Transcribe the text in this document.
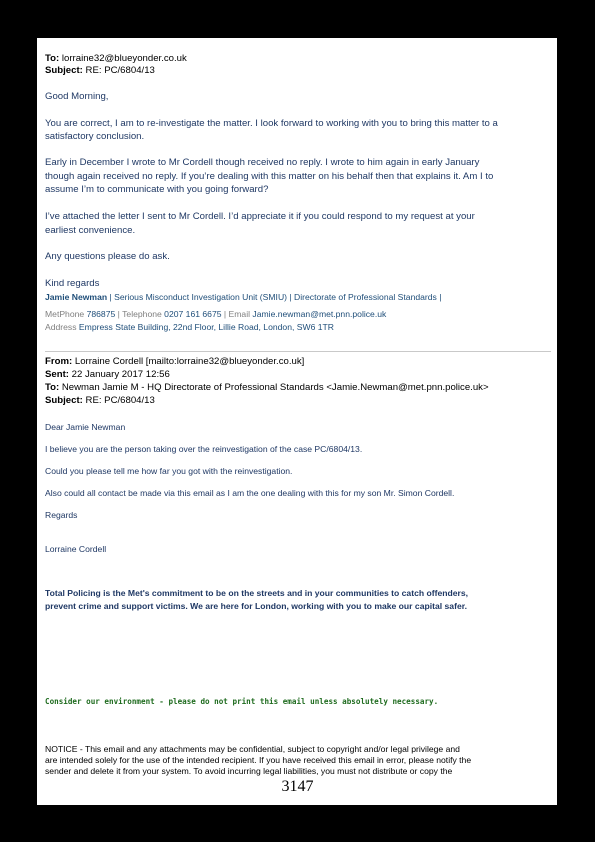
To: lorraine32@blueyonder.co.uk
Subject: RE: PC/6804/13
Good Morning,
You are correct, I am to re-investigate the matter. I look forward to working with you to bring this matter to a
satisfactory conclusion.
Early in December I wrote to Mr Cordell though received no reply. I wrote to him again in early January
though again received no reply. If you’re dealing with this matter on his behalf then that explains it. Am I to
assume I’m to communicate with you going forward?
I’ve attached the letter I sent to Mr Cordell. I’d appreciate it if you could respond to my request at your
earliest convenience.
Any questions please do ask.
Kind regards
Jamie Newman | Serious Misconduct Investigation Unit (SMIU) | Directorate of Professional Standards |
MetPhone 786875 | Telephone 0207 161 6675 | Email Jamie.newman@met.pnn.police.uk
Address Empress State Building, 22nd Floor, Lillie Road, London, SW6 1TR
From: Lorraine Cordell [mailto:lorraine32@blueyonder.co.uk]
Sent: 22 January 2017 12:56
To: Newman Jamie M - HQ Directorate of Professional Standards <Jamie.Newman@met.pnn.police.uk>
Subject: RE: PC/6804/13
Dear Jamie Newman
I believe you are the person taking over the reinvestigation of the case PC/6804/13.
Could you please tell me how far you got with the reinvestigation.
Also could all contact be made via this email as I am the one dealing with this for my son Mr. Simon Cordell.
Regards
Lorraine Cordell
Total Policing is the Met's commitment to be on the streets and in your communities to catch offenders,
prevent crime and support victims. We are here for London, working with you to make our capital safer.
Consider our environment - please do not print this email unless absolutely necessary.
NOTICE - This email and any attachments may be confidential, subject to copyright and/or legal privilege and
are intended solely for the use of the intended recipient. If you have received this email in error, please notify the
sender and delete it from your system. To avoid incurring legal liabilities, you must not distribute or copy the
3147
